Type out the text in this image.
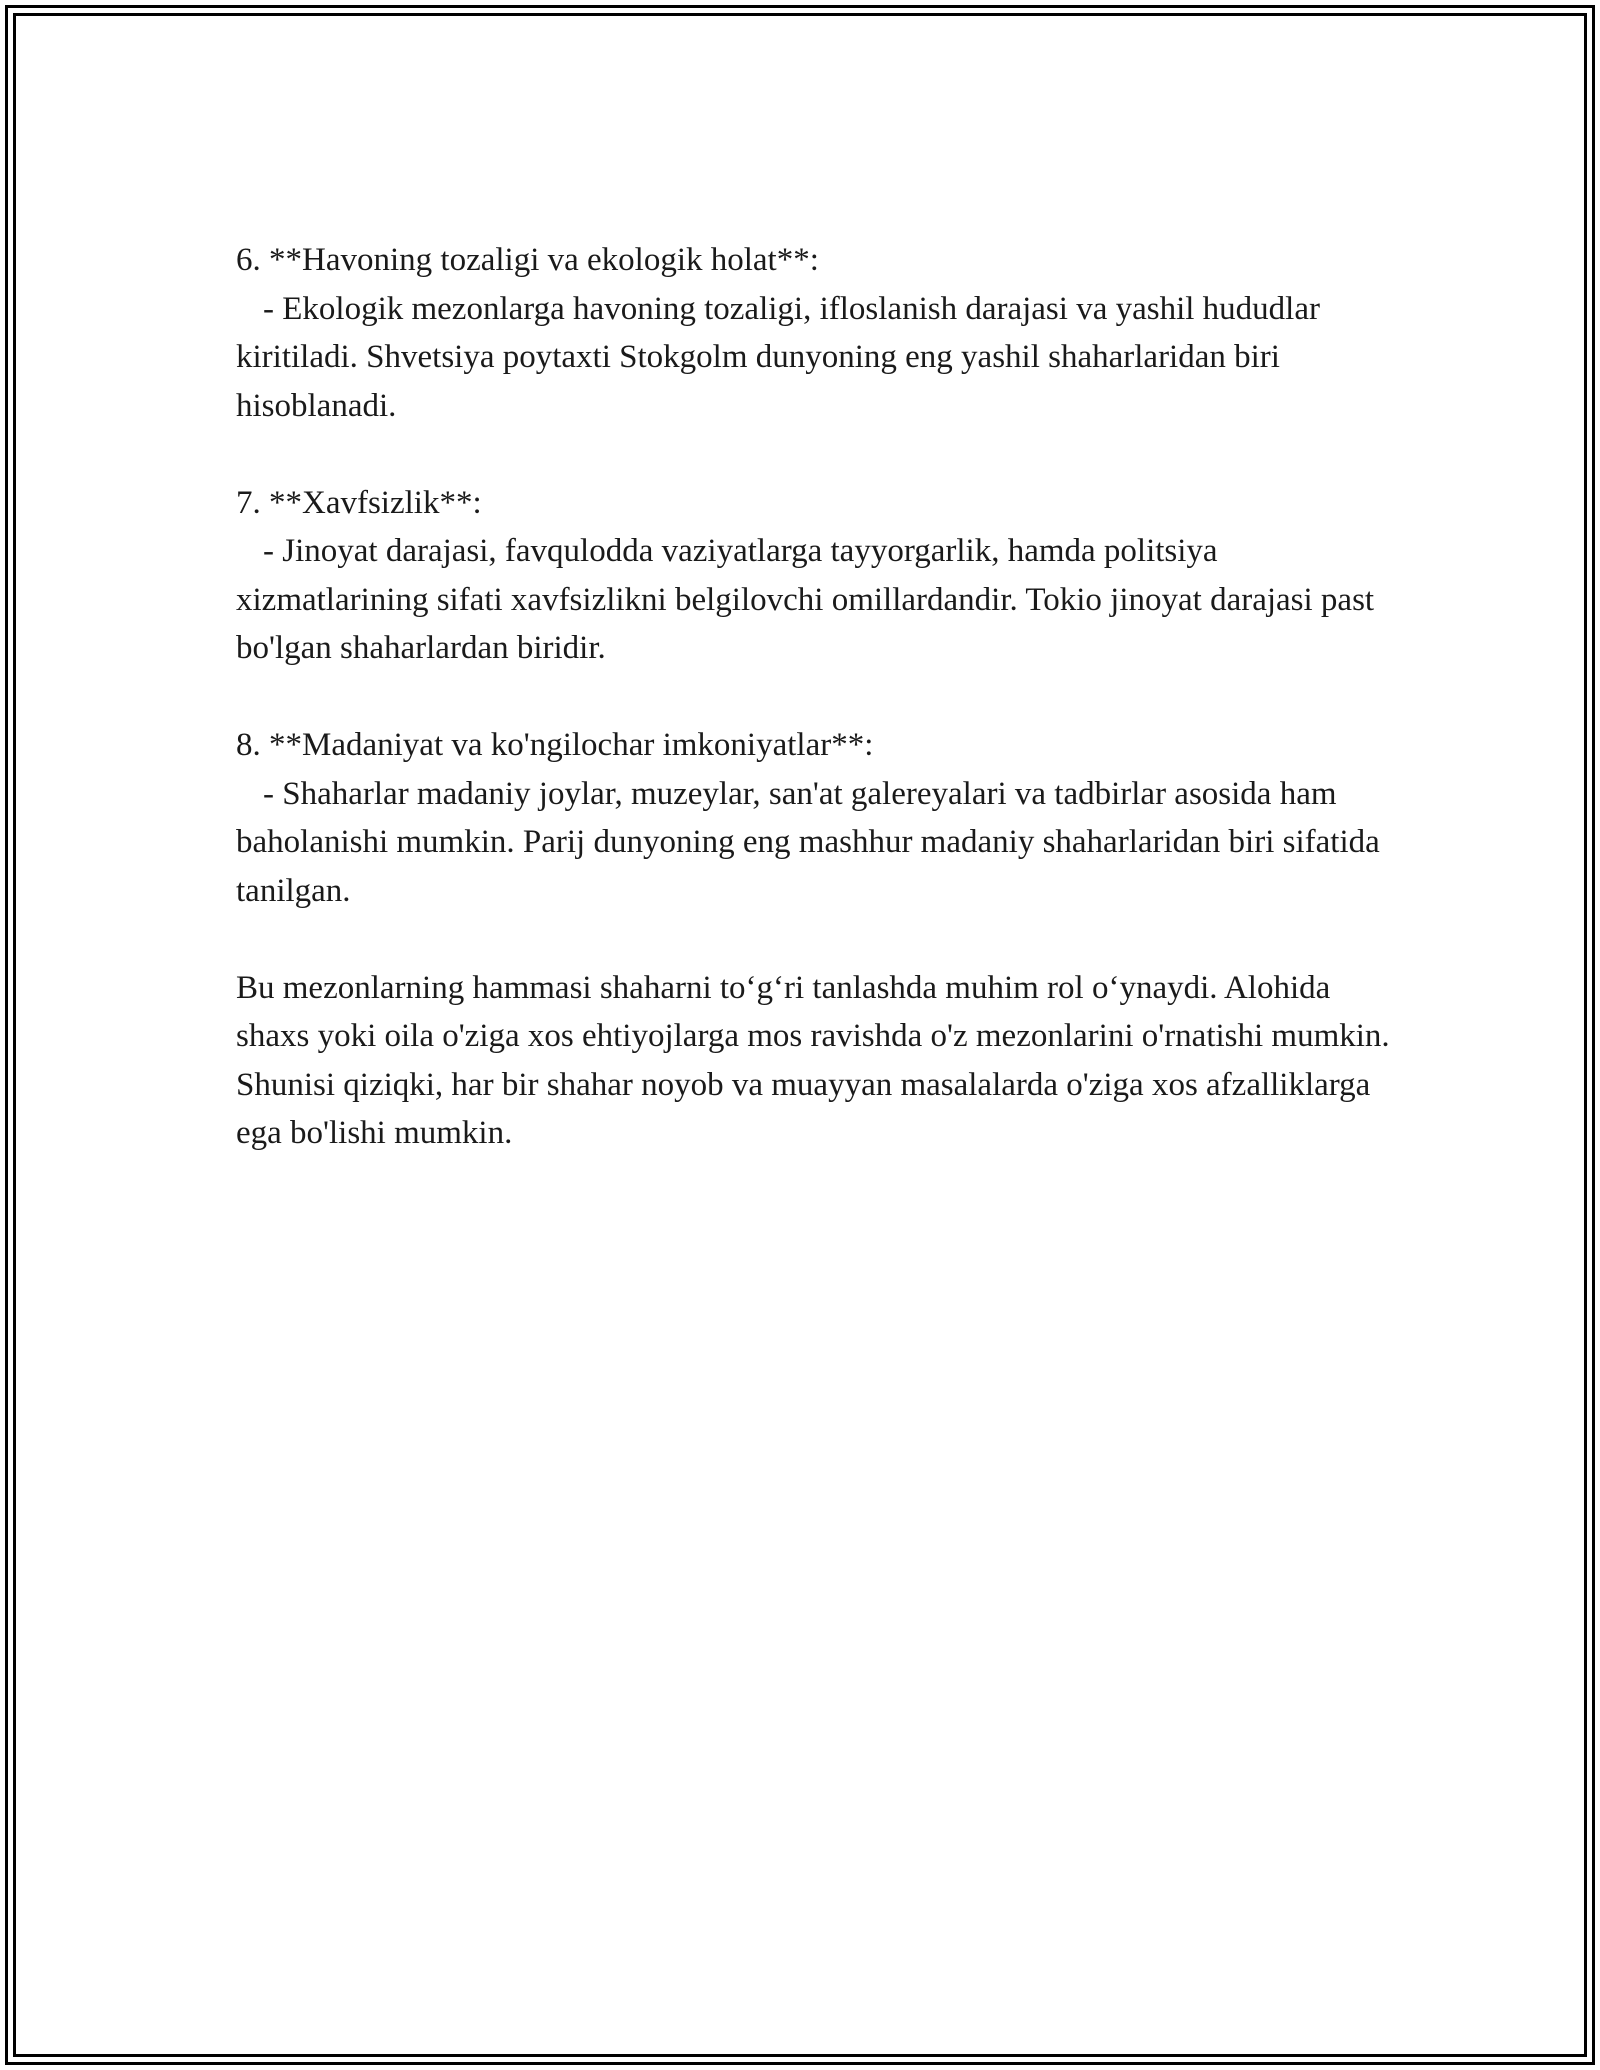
6. **Havoning tozaligi va ekologik holat**:

- Ekologik mezonlarga havoning tozaligi, ifloslanish darajasi va yashil hududlar kiritiladi. Shvetsiya poytaxti Stokgolm dunyoning eng yashil shaharlaridan biri hisoblanadi.

7. **Xavfsizlik**:

- Jinoyat darajasi, favqulodda vaziyatlarga tayyorgarlik, hamda politsiya xizmatlarining sifati xavfsizlikni belgilovchi omillardandir. Tokio jinoyat darajasi past bo'lgan shaharlardan biridir.

8. **Madaniyat va ko'ngilochar imkoniyatlar**:

- Shaharlar madaniy joylar, muzeylar, san'at galereyalari va tadbirlar asosida ham baholanishi mumkin. Parij dunyoning eng mashhur madaniy shaharlaridan biri sifatida tanilgan.

Bu mezonlarning hammasi shaharni to‘g‘ri tanlashda muhim rol o‘ynaydi. Alohida shaxs yoki oila o'ziga xos ehtiyojlarga mos ravishda o'z mezonlarini o'rnatishi mumkin. Shunisi qiziqki, har bir shahar noyob va muayyan masalalarda o'ziga xos afzalliklarga ega bo'lishi mumkin.
